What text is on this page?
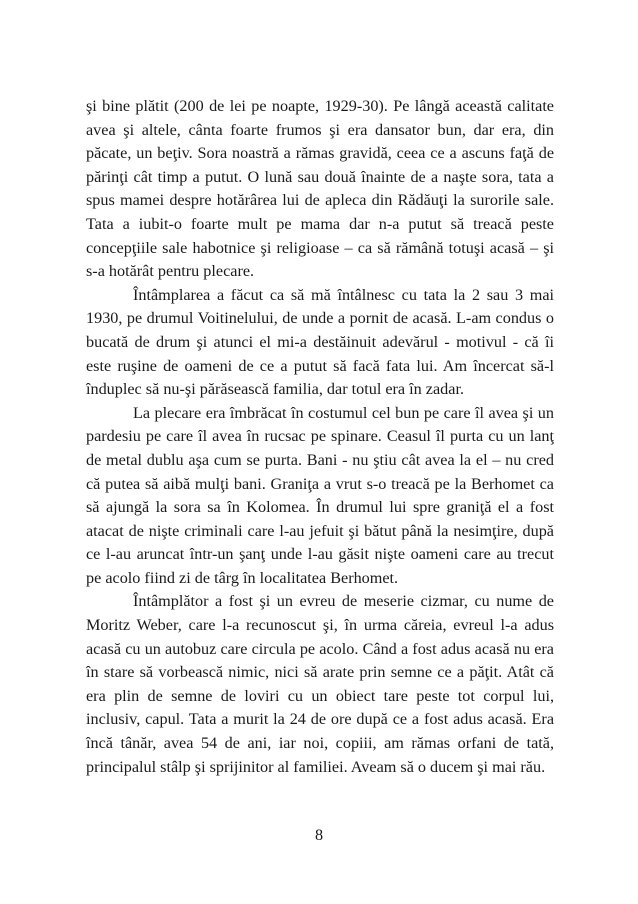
şi bine plătit (200 de lei pe noapte, 1929-30). Pe lângă această calitate avea şi altele, cânta foarte frumos şi era dansator bun, dar era, din păcate, un beţiv. Sora noastră a rămas gravidă, ceea ce a ascuns faţă de părinţi cât timp a putut. O lună sau două înainte de a naşte sora, tata a spus mamei despre hotărârea lui de apleca din Rădăuţi la surorile sale. Tata a iubit-o foarte mult pe mama dar n-a putut să treacă peste concepţiile sale habotnice şi religioase – ca să rămână totuşi acasă – şi s-a hotărât pentru plecare.

Întâmplarea a făcut ca să mă întâlnesc cu tata la 2 sau 3 mai 1930, pe drumul Voitinelului, de unde a pornit de acasă. L-am condus o bucată de drum şi atunci el mi-a destăinuit adevărul - motivul - că îi este ruşine de oameni de ce a putut să facă fata lui. Am încercat să-l înduplec să nu-şi părăsească familia, dar totul era în zadar.

La plecare era îmbrăcat în costumul cel bun pe care îl avea şi un pardesiu pe care îl avea în rucsac pe spinare. Ceasul îl purta cu un lanţ de metal dublu aşa cum se purta. Bani - nu ştiu cât avea la el – nu cred că putea să aibă mulţi bani. Graniţa a vrut s-o treacă pe la Berhomet ca să ajungă la sora sa în Kolomea. În drumul lui spre graniţă el a fost atacat de nişte criminali care l-au jefuit şi bătut până la nesimţire, după ce l-au aruncat într-un şanţ unde l-au găsit nişte oameni care au trecut pe acolo fiind zi de târg în localitatea Berhomet.

Întâmplător a fost şi un evreu de meserie cizmar, cu nume de Moritz Weber, care l-a recunoscut şi, în urma căreia, evreul l-a adus acasă cu un autobuz care circula pe acolo. Când a fost adus acasă nu era în stare să vorbească nimic, nici să arate prin semne ce a păţit. Atât că era plin de semne de loviri cu un obiect tare peste tot corpul lui, inclusiv, capul. Tata a murit la 24 de ore după ce a fost adus acasă. Era încă tânăr, avea 54 de ani, iar noi, copiii, am rămas orfani de tată, principalul stâlp şi sprijinitor al familiei. Aveam să o ducem şi mai rău.

8
